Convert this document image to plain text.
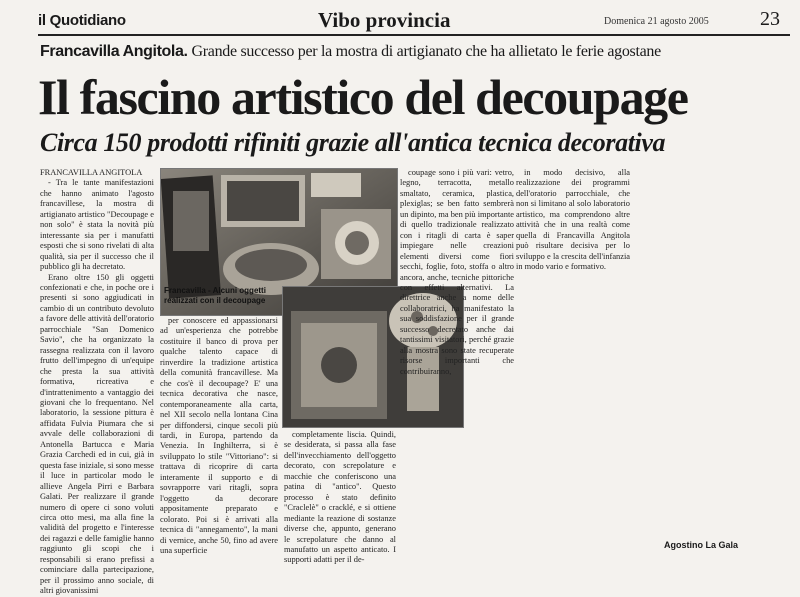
il Quotidiano	Vibo provincia	Domenica 21 agosto 2005	23
Francavilla Angitola. Grande successo per la mostra di artigianato che ha allietato le ferie agostane
Il fascino artistico del decoupage
Circa 150 prodotti rifiniti grazie all'antica tecnica decorativa

FRANCAVILLA ANGITOLA

- Tra le tante manifestazioni che hanno animato l'agosto francavillese, la mostra di artigianato artistico "Decoupage e non solo" è stata la novità più interessante sia per i manufatti esposti che si sono rivelati di alta qualità, sia per il successo che il pubblico gli ha decretato.

Erano oltre 150 gli oggetti confezionati e che, in poche ore i presenti si sono aggiudicati in cambio di un contributo devoluto a favore delle attività dell'oratorio parrocchiale "San Domenico Savio", che ha organizzato la rassegna realizzata con il lavoro frutto dell'impegno di un'equipe che presta la sua attività formativa, ricreativa e d'intrattenimento a vantaggio dei giovani che lo frequentano. Nel laboratorio, la sessione pittura è affidata Fulvia Piumara che si avvale delle collaborazioni di Antonella Bartucca e Maria Grazia Carchedi ed in cui, già in questa fase iniziale, si sono messe il luce in particolar modo le allieve Angela Pirri e Barbara Galati. Per realizzare il grande numero di opere ci sono voluti circa otto mesi, ma alla fine la validità del progetto e l'interesse dei ragazzi e delle famiglie hanno raggiunto gli scopi che i responsabili si erano prefissi a cominciare dalla partecipazione, per il prossimo anno sociale, di altri giovanissimi

Francavilla - Alcuni oggetti realizzati con il decoupage

per conoscere ed appassionarsi ad un'esperienza che potrebbe costituire il banco di prova per qualche talento capace di rinverdire la tradizione artistica della comunità francavillese. Ma che cos'è il decoupage? E' una tecnica decorativa che nasce, contemporaneamente alla carta, nel XII secolo nella lontana Cina per diffondersi, cinque secoli più tardi, in Europa, partendo da Venezia. In Inghilterra, si è sviluppato lo stile "Vittoriano": si trattava di ricoprire di carta interamente il supporto e di sovrapporre vari ritagli, sopra l'oggetto da decorare appositamente preparato e colorato. Poi si è arrivati alla tecnica di "annegamento", la mani di vernice, anche 50, fino ad avere una superficie

completamente liscia. Quindi, se desiderata, si passa alla fase dell'invecchiamento dell'oggetto decorato, con screpolature e macchie che conferiscono una patina di "antico". Questo processo è stato definito "Craclelè" o cracklé, e si ottiene mediante la reazione di sostanze diverse che, appunto, generano le screpolature che danno al manufatto un aspetto anticato. I supporti adatti per il de-

coupage sono i più vari: vetro, legno, terracotta, metallo smaltato, ceramica, plastica, plexiglas; se ben fatto sembrerà un dipinto, ma ben più importante di quello tradizionale realizzato con i ritagli di carta è saper impiegare nelle creazioni elementi diversi come fiori secchi, foglie, foto, stoffa o altro ancora, anche, tecniche pittoriche con effetti alternativi. La direttrice anche a nome delle collaboratrici, ha manifestato la sua soddisfazione per il grande successo decretato anche dai tantissimi visitatori, perché grazie alla mostra sono state recuperate risorse importanti che contribuiranno,

in modo decisivo, alla realizzazione dei programmi dell'oratorio parrocchiale, che non si limitano al solo laboratorio artistico, ma comprendono altre attività che in una realtà come quella di Francavilla Angitola può risultare decisiva per lo sviluppo e la crescita dell'infanzia in modo vario e formativo.

Agostino La Gala
